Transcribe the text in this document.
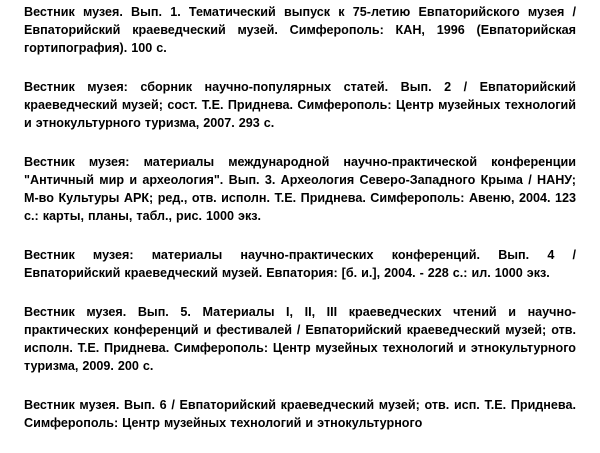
Вестник музея. Вып. 1. Тематический выпуск к 75-летию Евпаторийского музея / Евпаторийский краеведческий музей. Симферополь: КАН, 1996 (Евпаторийская гортипография). 100 с.
Вестник музея: сборник научно-популярных статей. Вып. 2 / Евпаторийский краеведческий музей; сост. Т.Е. Приднева. Симферополь: Центр музейных технологий и этнокультурного туризма, 2007. 293 с.
Вестник музея: материалы международной научно-практической конференции "Античный мир и археология". Вып. 3. Археология Северо-Западного Крыма / НАНУ; М-во Культуры АРК; ред., отв. исполн. Т.Е. Приднева. Симферополь: Авеню, 2004. 123 с.: карты, планы, табл., рис. 1000 экз.
Вестник музея: материалы научно-практических конференций. Вып. 4 / Евпаторийский краеведческий музей. Евпатория: [б. и.], 2004. - 228 с.: ил. 1000 экз.
Вестник музея. Вып. 5. Материалы I, II, III краеведческих чтений и научно-практических конференций и фестивалей / Евпаторийский краеведческий музей; отв. исполн. Т.Е. Приднева. Симферополь: Центр музейных технологий и этнокультурного туризма, 2009. 200 с.
Вестник музея. Вып. 6 / Евпаторийский краеведческий музей; отв. исп. Т.Е. Приднева. Симферополь: Центр музейных технологий и этнокультурного
